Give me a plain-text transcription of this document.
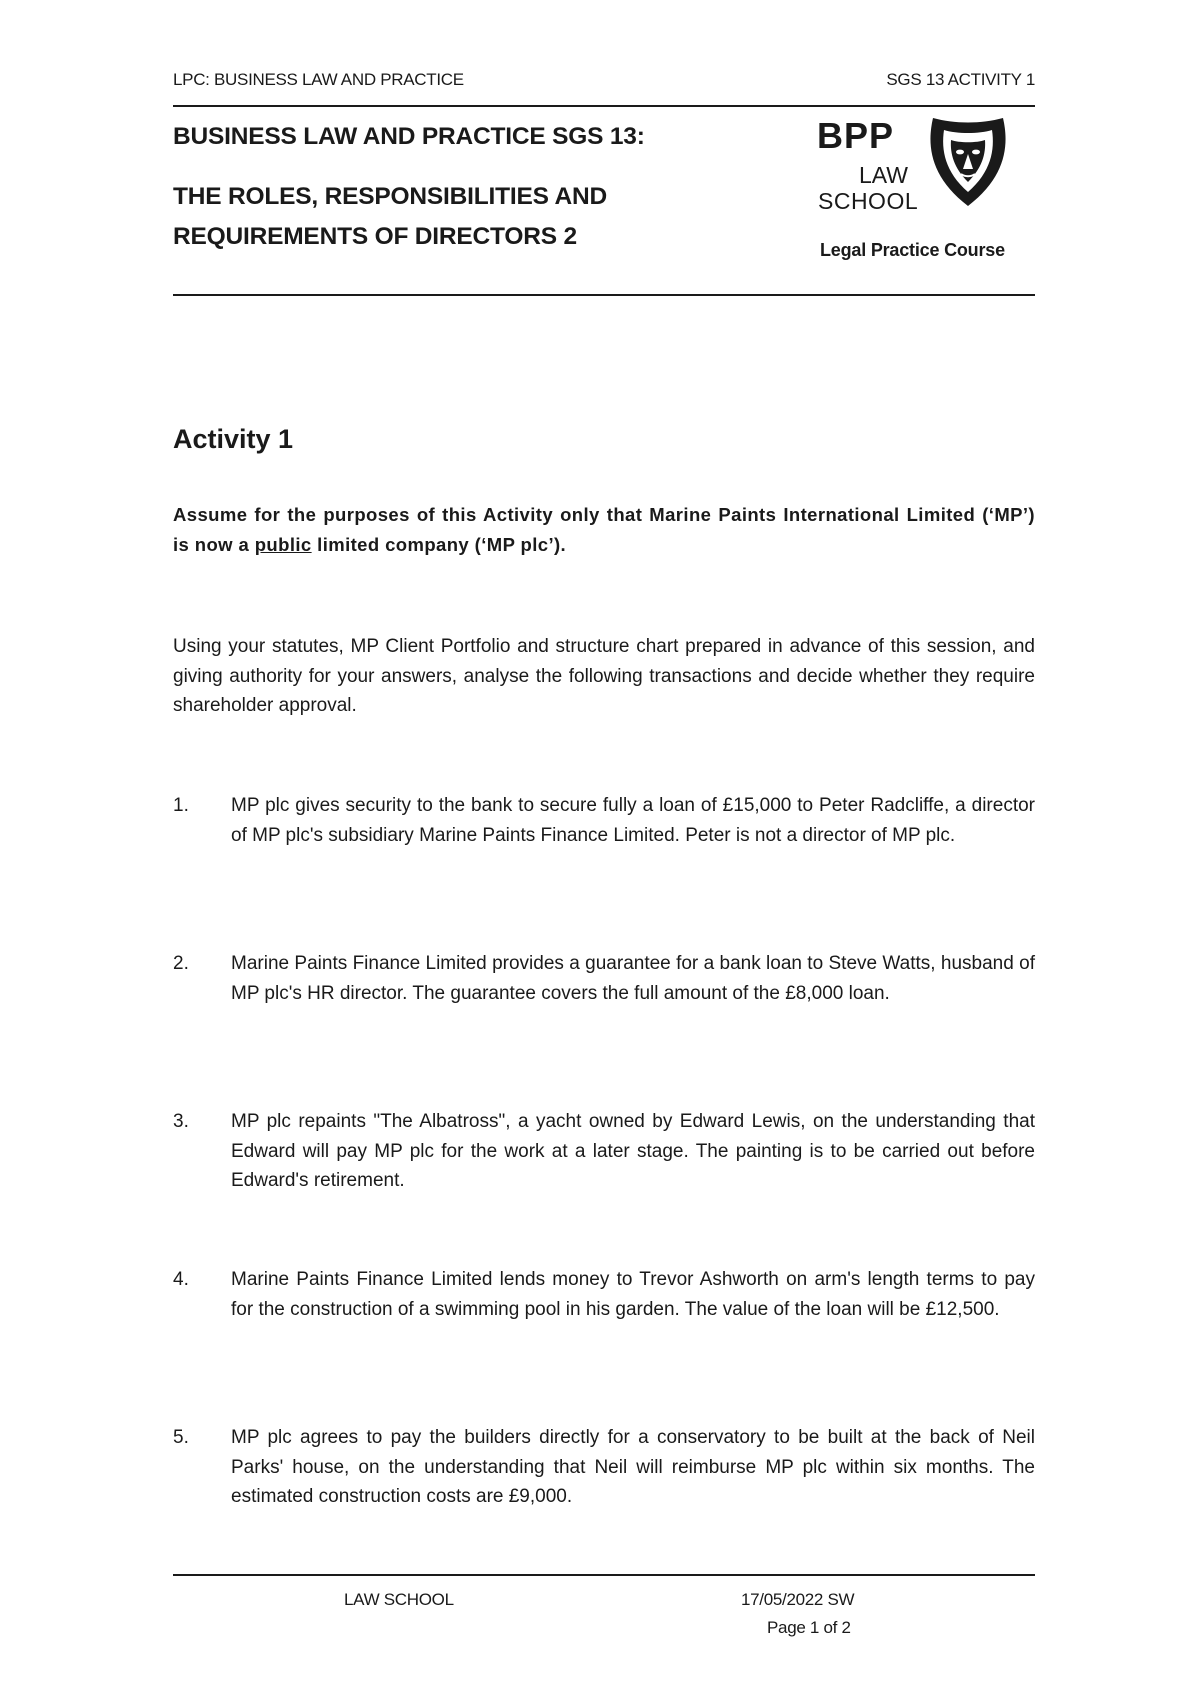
LPC: BUSINESS LAW AND PRACTICE	SGS 13 ACTIVITY 1
BUSINESS LAW AND PRACTICE SGS 13:
THE ROLES, RESPONSIBILITIES AND REQUIREMENTS OF DIRECTORS 2
BPP
LAW
SCHOOL
Legal Practice Course
Activity 1
Assume for the purposes of this Activity only that Marine Paints International Limited (‘MP’) is now a public limited company (‘MP plc’).
Using your statutes, MP Client Portfolio and structure chart prepared in advance of this session, and giving authority for your answers, analyse the following transactions and decide whether they require shareholder approval.
1. MP plc gives security to the bank to secure fully a loan of £15,000 to Peter Radcliffe, a director of MP plc's subsidiary Marine Paints Finance Limited. Peter is not a director of MP plc.
2. Marine Paints Finance Limited provides a guarantee for a bank loan to Steve Watts, husband of MP plc's HR director. The guarantee covers the full amount of the £8,000 loan.
3. MP plc repaints "The Albatross", a yacht owned by Edward Lewis, on the understanding that Edward will pay MP plc for the work at a later stage. The painting is to be carried out before Edward's retirement.
4. Marine Paints Finance Limited lends money to Trevor Ashworth on arm's length terms to pay for the construction of a swimming pool in his garden. The value of the loan will be £12,500.
5. MP plc agrees to pay the builders directly for a conservatory to be built at the back of Neil Parks' house, on the understanding that Neil will reimburse MP plc within six months. The estimated construction costs are £9,000.
LAW SCHOOL	17/05/2022 SW
Page 1 of 2
